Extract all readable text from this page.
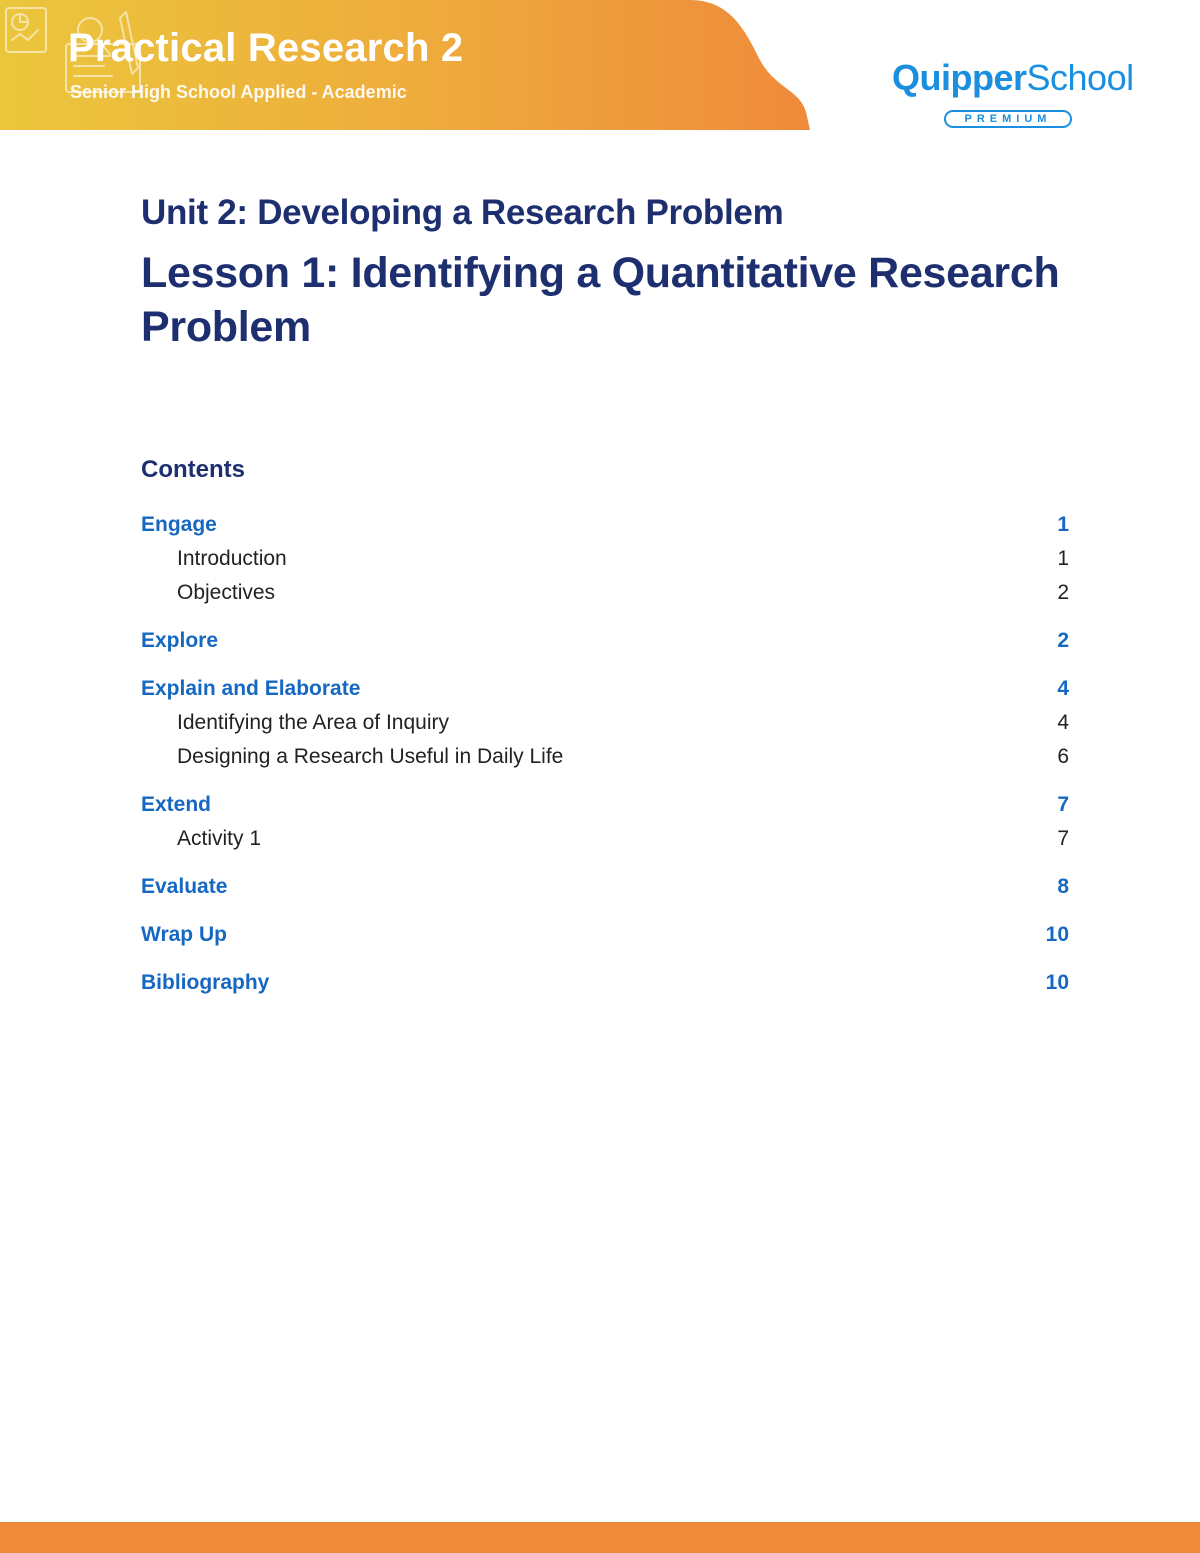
Practical Research 2
Senior High School Applied - Academic	QuipperSchool
PREMIUM
Unit 2: Developing a Research Problem
Lesson 1: Identifying a Quantitative Research Problem
Contents
Engage	1
Introduction	1
Objectives	2
Explore	2
Explain and Elaborate	4
Identifying the Area of Inquiry	4
Designing a Research Useful in Daily Life	6
Extend	7
Activity 1	7
Evaluate	8
Wrap Up	10
Bibliography	10
